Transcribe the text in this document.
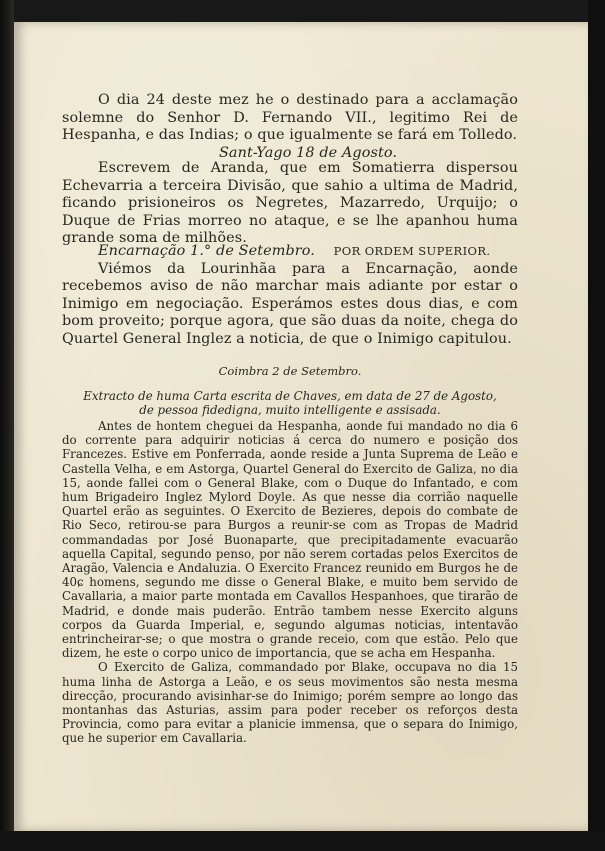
O dia 24 deste mez he o destinado para a acclamação solemne do Senhor D. Fernando VII., legitimo Rei de Hespanha, e das Indias; o que igualmente se fará em Tolledo.
Sant-Yago 18 de Agosto.
Escrevem de Aranda, que em Somatierra dispersou Echevarria a terceira Divisão, que sahio a ultima de Madrid, ficando prisioneiros os Negretes, Mazarredo, Urquijo; o Duque de Frias morreo no ataque, e se lhe apanhou huma grande soma de milhões.
Encarnação 1.° de Setembro. POR ORDEM SUPERIOR.
Viémos da Lourinhãa para a Encarnação, aonde recebemos aviso de não marchar mais adiante por estar o Inimigo em negociação. Esperámos estes dous dias, e com bom proveito; porque agora, que são duas da noite, chega do Quartel General Inglez a noticia, de que o Inimigo capitulou.
Coimbra 2 de Setembro.
Extracto de huma Carta escrita de Chaves, em data de 27 de Agosto,
de pessoa fidedigna, muito intelligente e assisada.

Antes de hontem cheguei da Hespanha, aonde fui mandado no dia 6 do corrente para adquirir noticias á cerca do numero e posição dos Francezes. Estive em Ponferrada, aonde reside a Junta Suprema de Leão e Castella Velha, e em Astorga, Quartel General do Exercito de Galiza, no dia 15, aonde fallei com o General Blake, com o Duque do Infantado, e com hum Brigadeiro Inglez Mylord Doyle. As que nesse dia corrião naquelle Quartel erão as seguintes. O Exercito de Bezieres, depois do combate de Rio Seco, retirou-se para Burgos a reunir-se com as Tropas de Madrid commandadas por José Buonaparte, que precipitadamente evacuarão aquella Capital, segundo penso, por não serem cortadas pelos Exercitos de Aragão, Valencia e Andaluzia. O Exercito Francez reunido em Burgos he de 40ɕ homens, segundo me disse o General Blake, e muito bem servido de Cavallaria, a maior parte montada em Cavallos Hespanhoes, que tirarão de Madrid, e donde mais puderão. Entrão tambem nesse Exercito alguns corpos da Guarda Imperial, e, segundo algumas noticias, intentavão entrincheirar-se; o que mostra o grande receio, com que estão. Pelo que dizem, he este o corpo unico de importancia, que se acha em Hespanha.

O Exercito de Galiza, commandado por Blake, occupava no dia 15 huma linha de Astorga a Leão, e os seus movimentos são nesta mesma direcção, procurando avisinhar-se do Inimigo; porém sempre ao longo das montanhas das Asturias, assim para poder receber os reforços desta Provincia, como para evitar a planicie immensa, que o separa do Inimigo, que he superior em Cavallaria.
